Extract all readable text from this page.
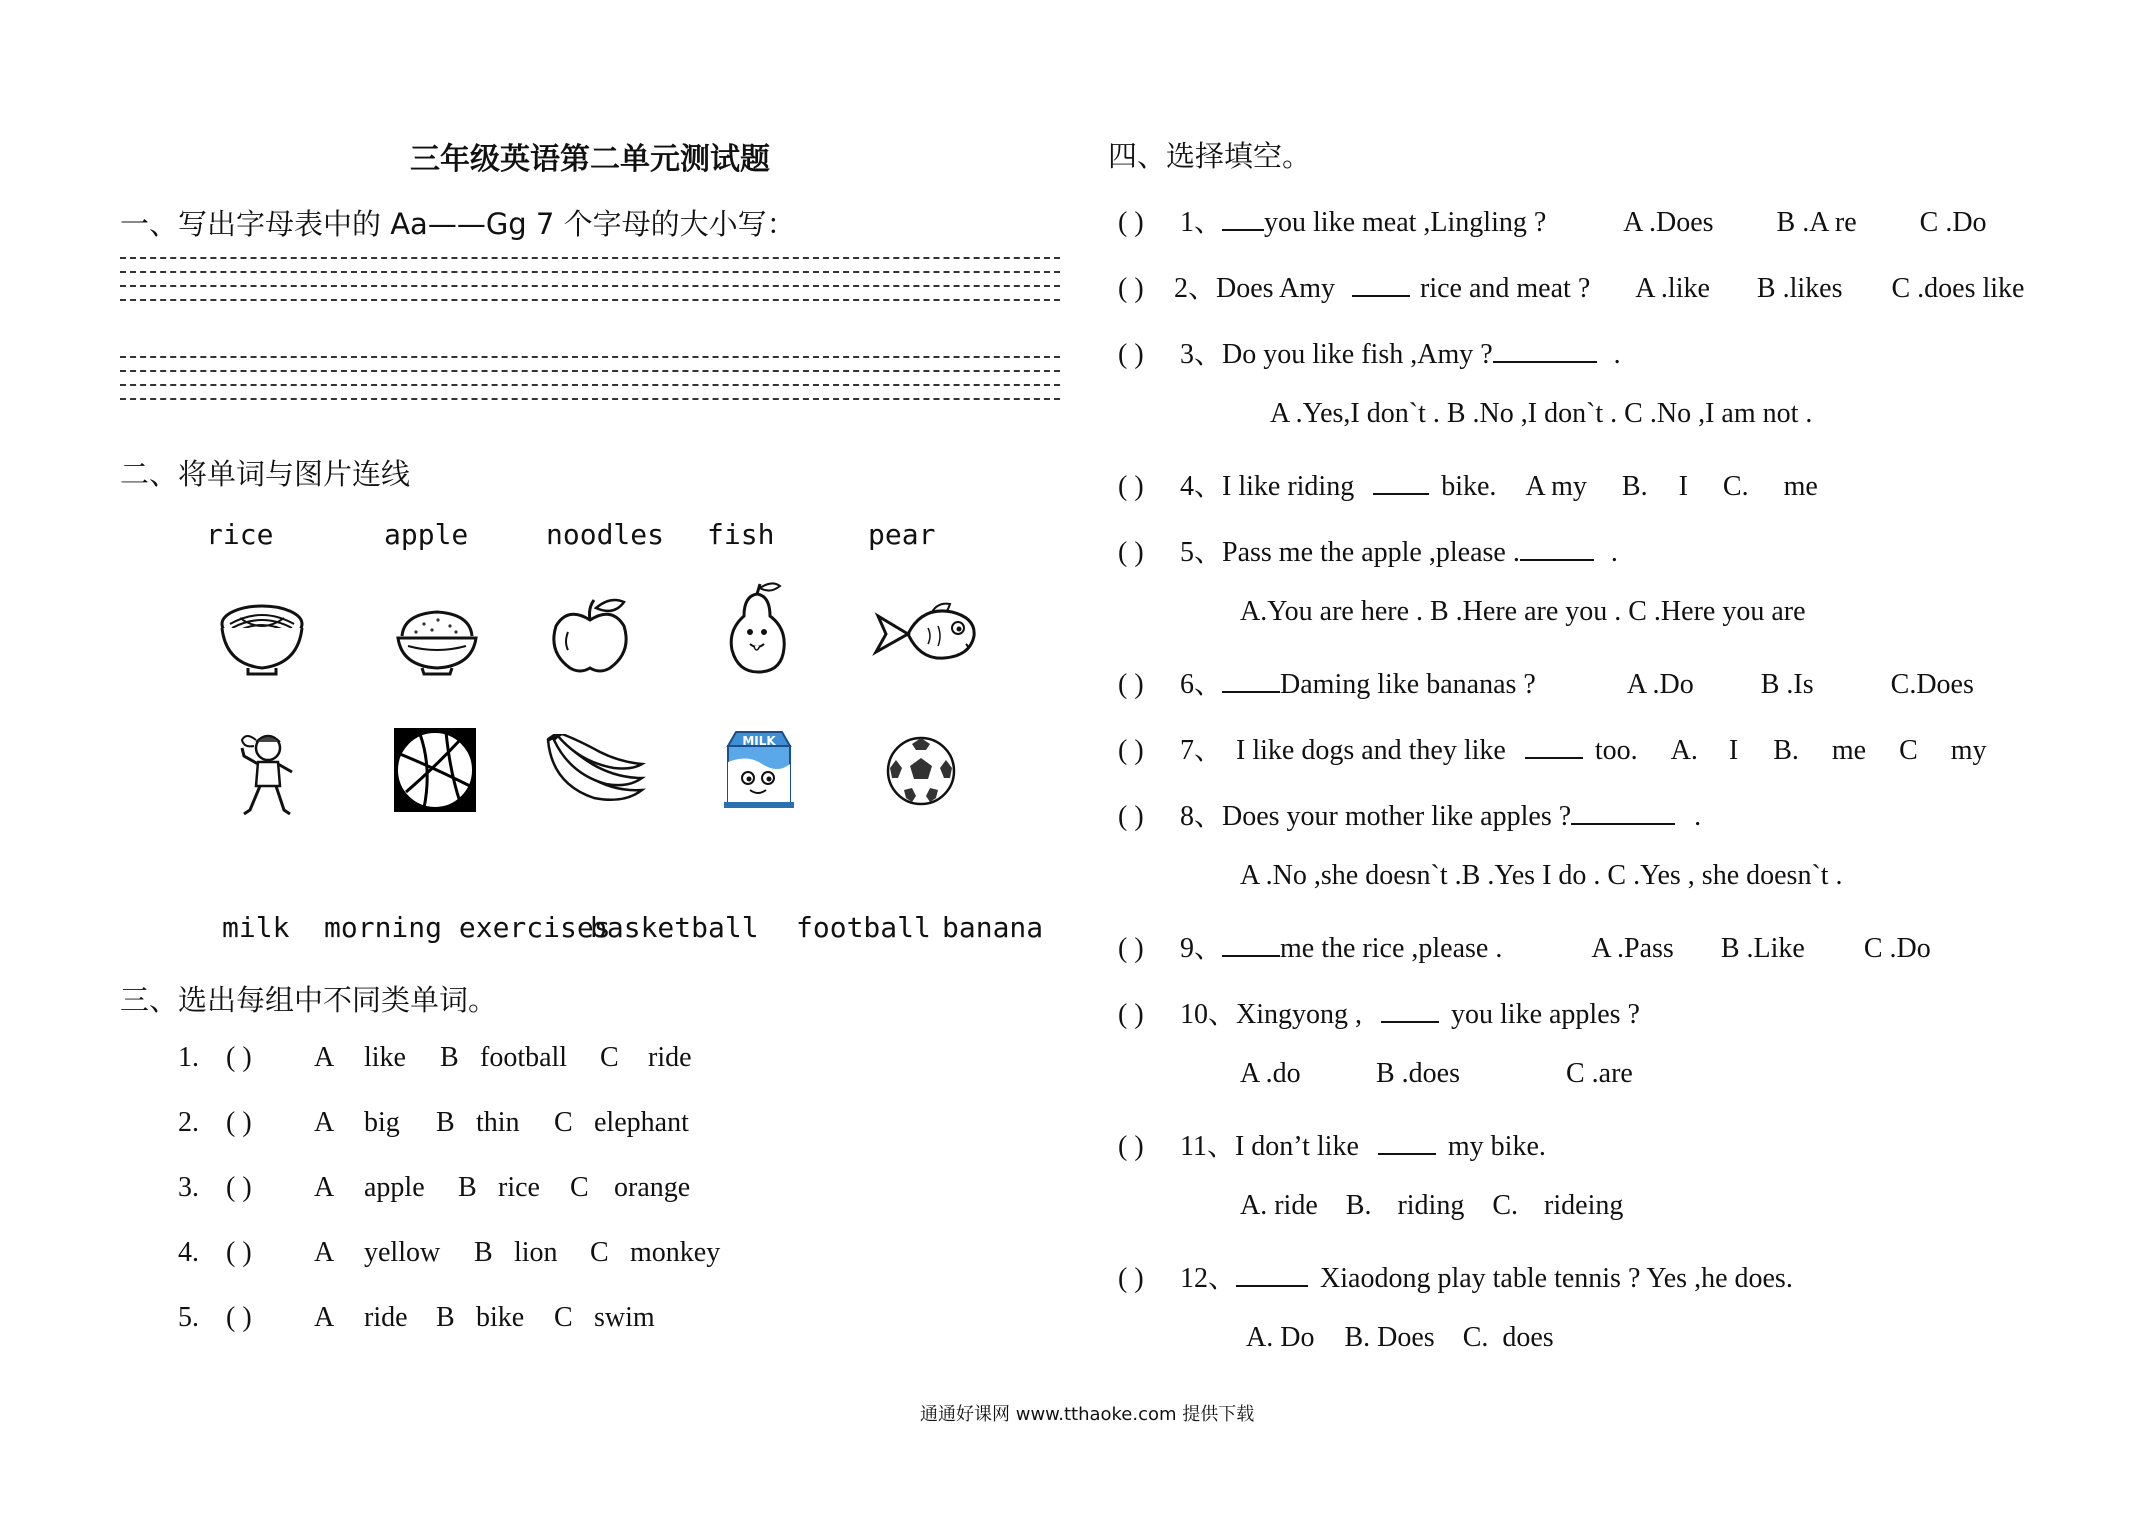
三年级英语第二单元测试题
一、写出字母表中的 Aa——Gg 7 个字母的大小写：
二、将单词与图片连线
rice	apple	noodles fish	pear
MILK
milk morning exercises
basketball football banana
三、选出每组中不同类单词。
1. ( ) A like B football C ride
2. ( ) A big B thin C elephant
3. ( ) A apple B rice C orange
4. ( ) A yellow B lion C monkey
5. ( ) A ride B bike C swim
四、选择填空。
( ) 1、 you like meat ,Lingling ?	A .Does B .A re C .Do
( ) 2、Does Amy	rice and meat ? A .like B .likes C .does like
( ) 3、Do you like fish ,Amy ?	.
A .Yes,I don`t . B .No ,I don`t . C .No ,I am not .
( ) 4、I like riding	bike. A my B. I C. me
( ) 5、Pass me the apple ,please .	.
A.You are here . B .Here are you . C .Here you are
( ) 6、 Daming like bananas ?	A .Do B .Is	C.Does
( ) 7、 I like dogs and they like	too. A. I B. me C my
( ) 8、Does your mother like apples ?	.
A .No ,she doesn`t .B .Yes I do . C .Yes , she doesn`t .
( ) 9、 me the rice ,please .	A .Pass B .Like C .Do
( ) 10、Xingyong ,	you like apples ?
A .do	B .does	C .are
( ) 11、I don’t like	my bike.
A. ride B. riding C. rideing
( ) 12、	Xiaodong play table tennis ? Yes ,he does.
A. Do B. Does C. does
通通好课网 www.tthaoke.com 提供下载
